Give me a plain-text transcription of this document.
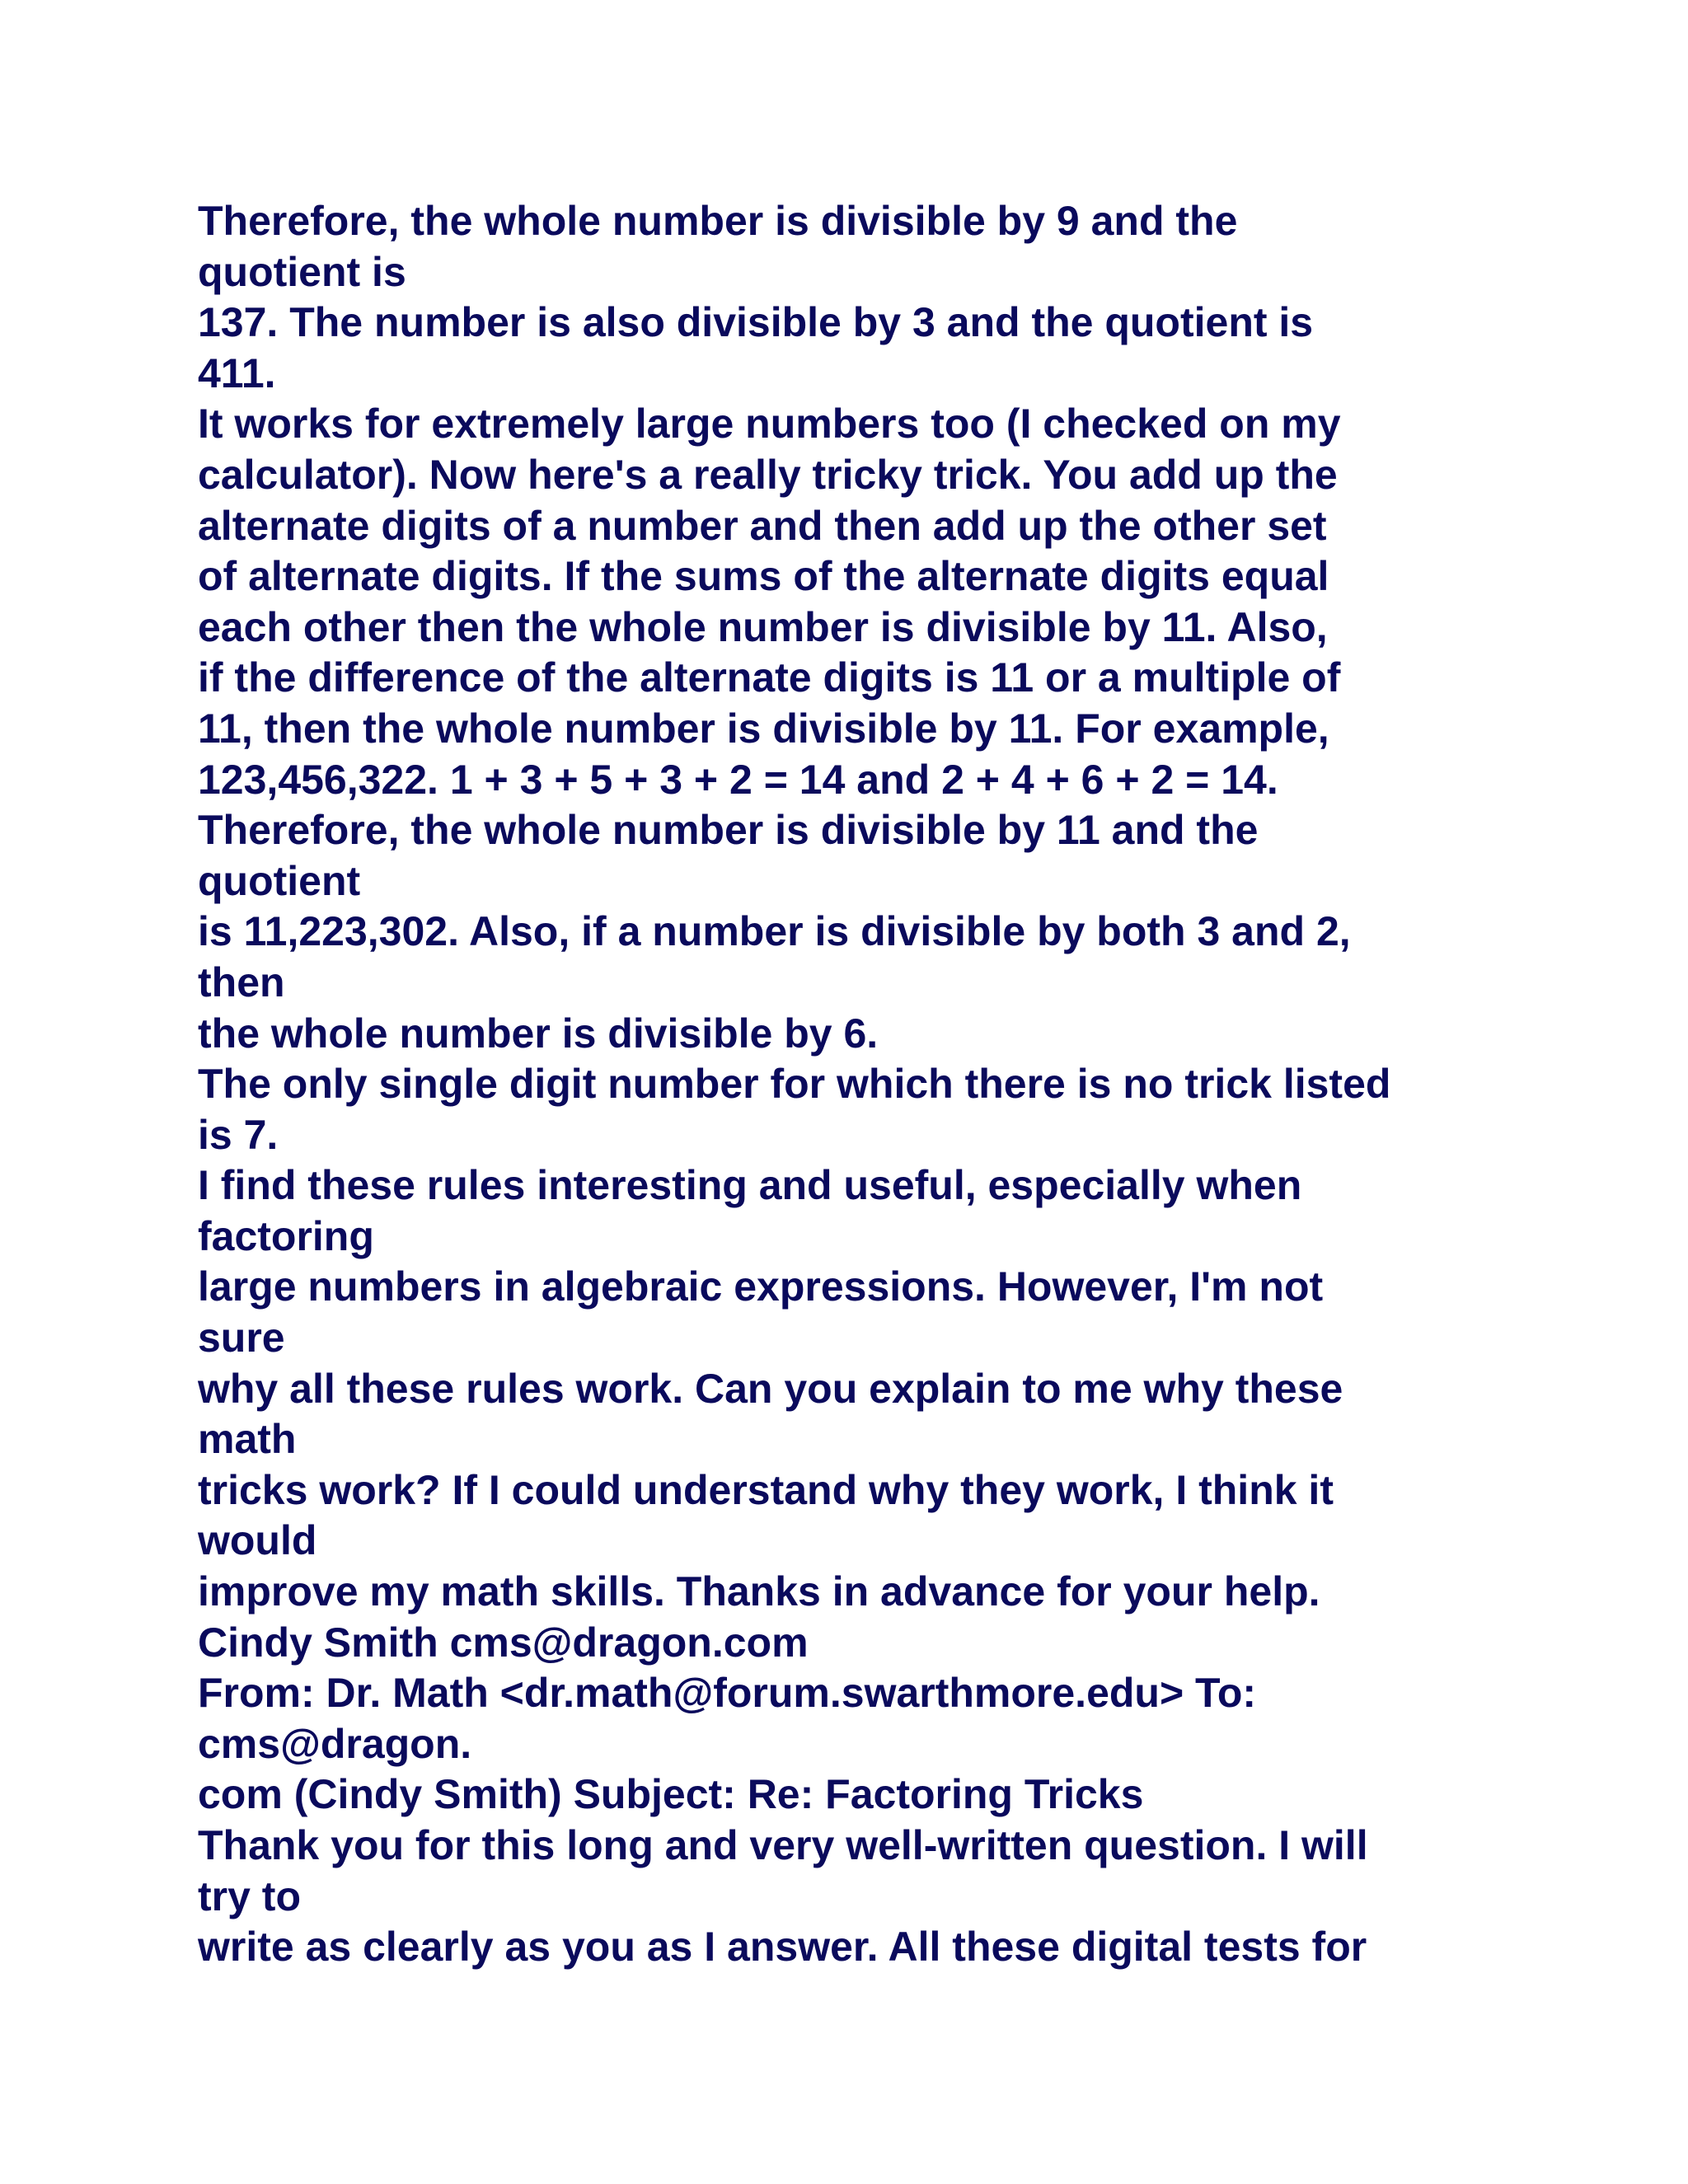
Therefore, the whole number is divisible by 9 and the

quotient is

137. The number is also divisible by 3 and the quotient is

411.

It works for extremely large numbers too (I checked on my

calculator). Now here's a really tricky trick. You add up the

alternate digits of a number and then add up the other set

of alternate digits. If the sums of the alternate digits equal

each other then the whole number is divisible by 11. Also,

if the difference of the alternate digits is 11 or a multiple of

11, then the whole number is divisible by 11. For example,

123,456,322. 1 + 3 + 5 + 3 + 2 = 14 and 2 + 4 + 6 + 2 = 14.

Therefore, the whole number is divisible by 11 and the

quotient

is 11,223,302. Also, if a number is divisible by both 3 and 2,

then

the whole number is divisible by 6.

The only single digit number for which there is no trick listed

is 7.

I find these rules interesting and useful, especially when

factoring

large numbers in algebraic expressions. However, I'm not

sure

why all these rules work. Can you explain to me why these

math

tricks work? If I could understand why they work, I think it

would

improve my math skills. Thanks in advance for your help.

Cindy Smith cms@dragon.com

From: Dr. Math <dr.math@forum.swarthmore.edu> To:

cms@dragon.

com (Cindy Smith) Subject: Re: Factoring Tricks

Thank you for this long and very well-written question. I will

try to

write as clearly as you as I answer. All these digital tests for
